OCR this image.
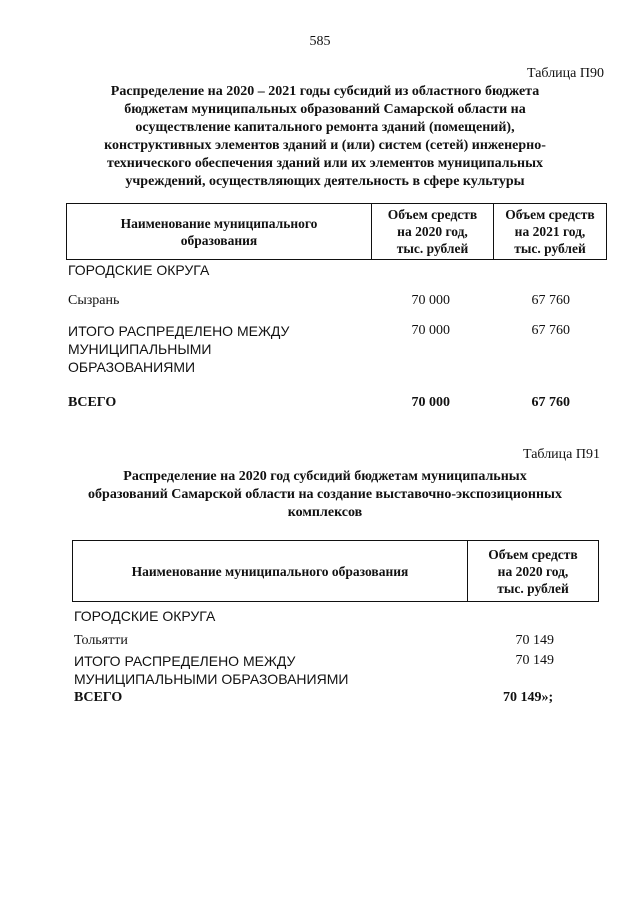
585
Таблица П90
Распределение на 2020 – 2021 годы субсидий из областного бюджета
бюджетам муниципальных образований Самарской области на
осуществление капитального ремонта зданий (помещений),
конструктивных элементов зданий и (или) систем (сетей) инженерно-
технического обеспечения зданий или их элементов муниципальных
учреждений, осуществляющих деятельность в сфере культуры
Наименование муниципального
образования

Объем средств
на 2020 год,
тыс. рублей

Объем средств
на 2021 год,
тыс. рублей
ГОРОДСКИЕ ОКРУГА
Сызрань	70 000	67 760
ИТОГО РАСПРЕДЕЛЕНО МЕЖДУ
МУНИЦИПАЛЬНЫМИ
ОБРАЗОВАНИЯМИ
70 000	67 760
ВСЕГО	70 000	67 760
Таблица П91
Распределение на 2020 год субсидий бюджетам муниципальных
образований Самарской области на создание выставочно-экспозиционных
комплексов
Наименование муниципального образования	
Объем средств
на 2020 год,
тыс. рублей
ГОРОДСКИЕ ОКРУГА
Тольятти	70 149
ИТОГО РАСПРЕДЕЛЕНО МЕЖДУ
МУНИЦИПАЛЬНЫМИ ОБРАЗОВАНИЯМИ
70 149
ВСЕГО	70 149»;
